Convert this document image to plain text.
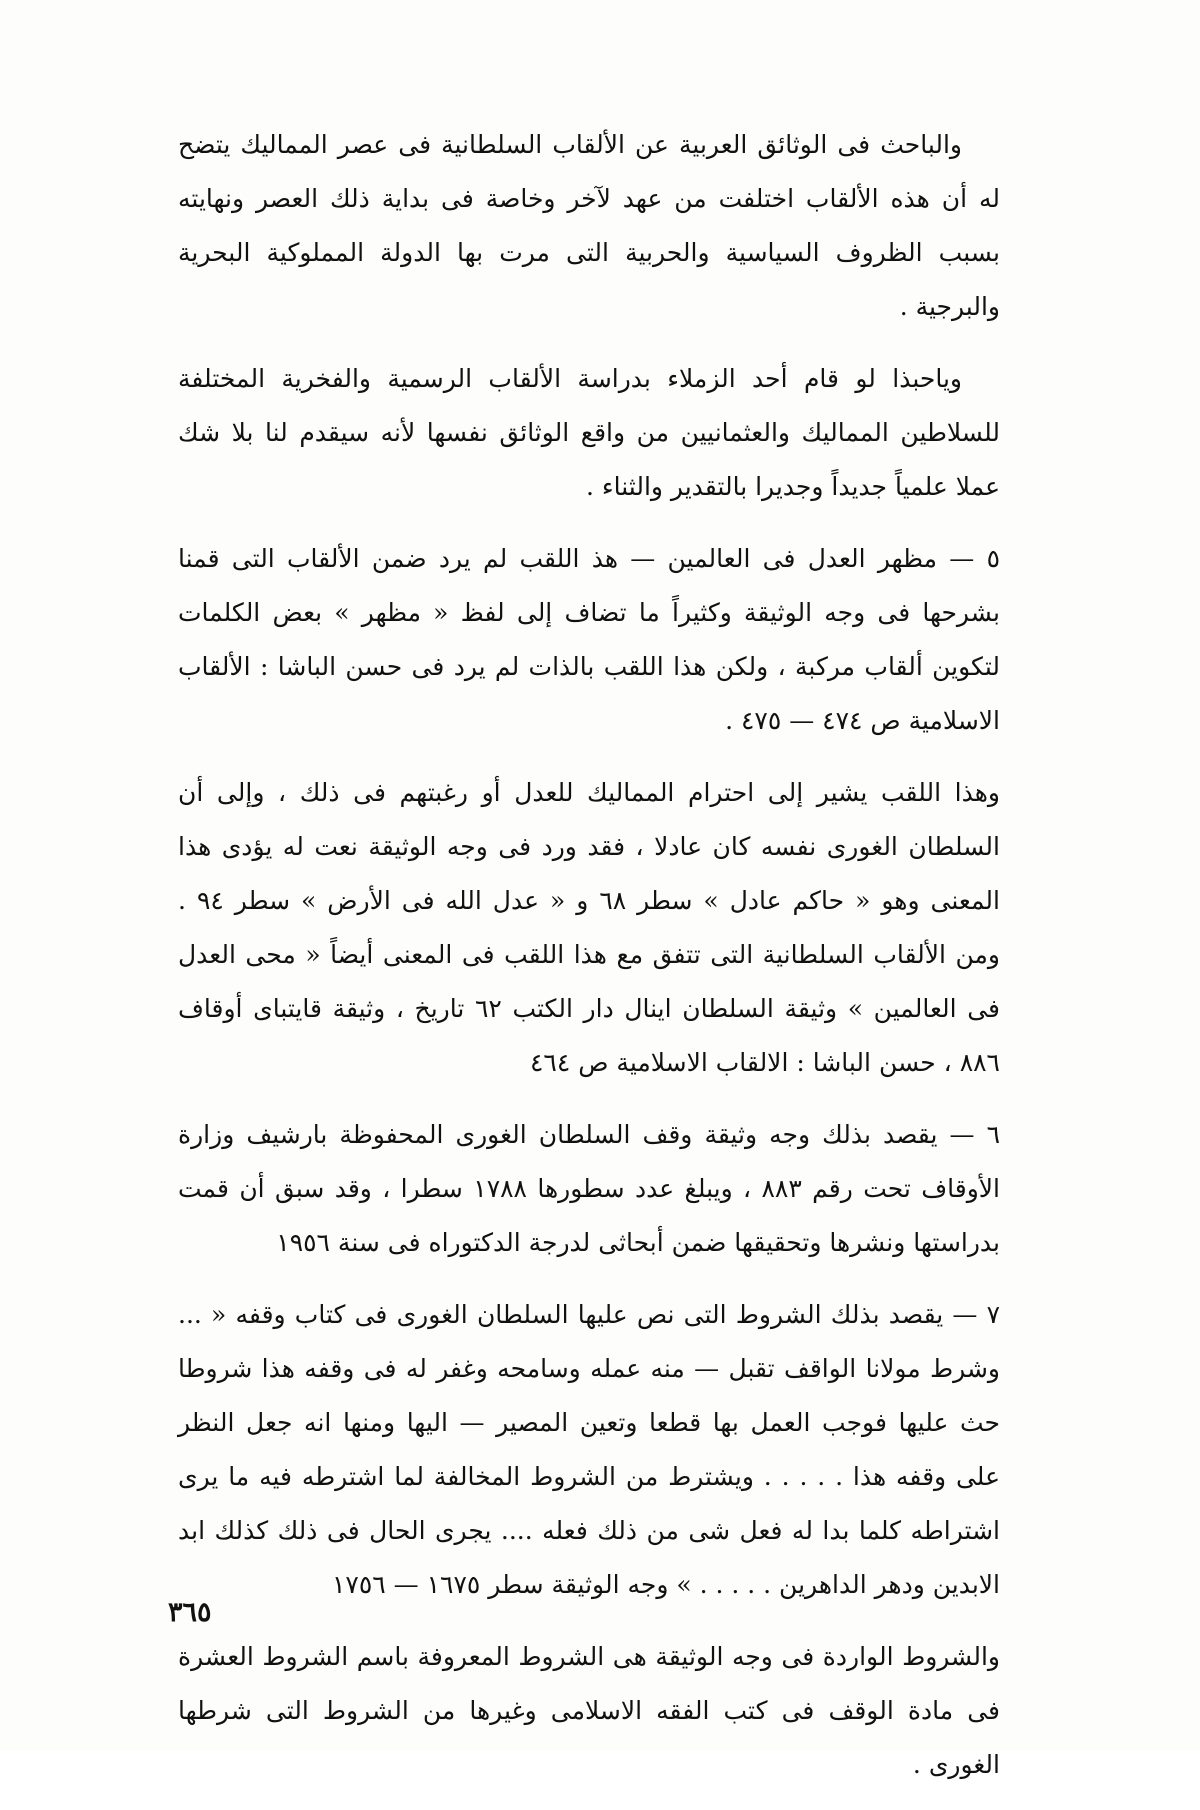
والباحث فى الوثائق العربية عن الألقاب السلطانية فى عصر المماليك يتضح له أن هذه الألقاب اختلفت من عهد لآخر وخاصة فى بداية ذلك العصر ونهايته بسبب الظروف السياسية والحربية التى مرت بها الدولة المملوكية البحرية والبرجية .

وياحبذا لو قام أحد الزملاء بدراسة الألقاب الرسمية والفخرية المختلفة للسلاطين المماليك والعثمانيين من واقع الوثائق نفسها لأنه سيقدم لنا بلا شك عملا علمياً جديداً وجديرا بالتقدير والثناء .

٥ — مظهر العدل فى العالمين — هذ اللقب لم يرد ضمن الألقاب التى قمنا بشرحها فى وجه الوثيقة وكثيراً ما تضاف إلى لفظ « مظهر » بعض الكلمات لتكوين ألقاب مركبة ، ولكن هذا اللقب بالذات لم يرد فى حسن الباشا : الألقاب الاسلامية ص ٤٧٤ — ٤٧٥ .

وهذا اللقب يشير إلى احترام المماليك للعدل أو رغبتهم فى ذلك ، وإلى أن السلطان الغورى نفسه كان عادلا ، فقد ورد فى وجه الوثيقة نعت له يؤدى هذا المعنى وهو « حاكم عادل » سطر ٦٨ و « عدل الله فى الأرض » سطر ٩٤ . ومن الألقاب السلطانية التى تتفق مع هذا اللقب فى المعنى أيضاً « محى العدل فى العالمين » وثيقة السلطان اينال دار الكتب ٦٢ تاريخ ، وثيقة قايتباى أوقاف ٨٨٦ ، حسن الباشا : الالقاب الاسلامية ص ٤٦٤

٦ — يقصد بذلك وجه وثيقة وقف السلطان الغورى المحفوظة بارشيف وزارة الأوقاف تحت رقم ٨٨٣ ، ويبلغ عدد سطورها ١٧٨٨ سطرا ، وقد سبق أن قمت بدراستها ونشرها وتحقيقها ضمن أبحاثى لدرجة الدكتوراه فى سنة ١٩٥٦

٧ — يقصد بذلك الشروط التى نص عليها السلطان الغورى فى كتاب وقفه « ... وشرط مولانا الواقف تقبل — منه عمله وسامحه وغفر له فى وقفه هذا شروطا حث عليها فوجب العمل بها قطعا وتعين المصير — اليها ومنها انه جعل النظر على وقفه هذا . . . . . ويشترط من الشروط المخالفة لما اشترطه فيه ما يرى اشتراطه كلما بدا له فعل شى من ذلك فعله .... يجرى الحال فى ذلك كذلك ابد الابدين ودهر الداهرين . . . . . » وجه الوثيقة سطر ١٦٧٥ — ١٧٥٦

والشروط الواردة فى وجه الوثيقة هى الشروط المعروفة باسم الشروط العشرة فى مادة الوقف فى كتب الفقه الاسلامى وغيرها من الشروط التى شرطها الغورى .

٣٦٥
